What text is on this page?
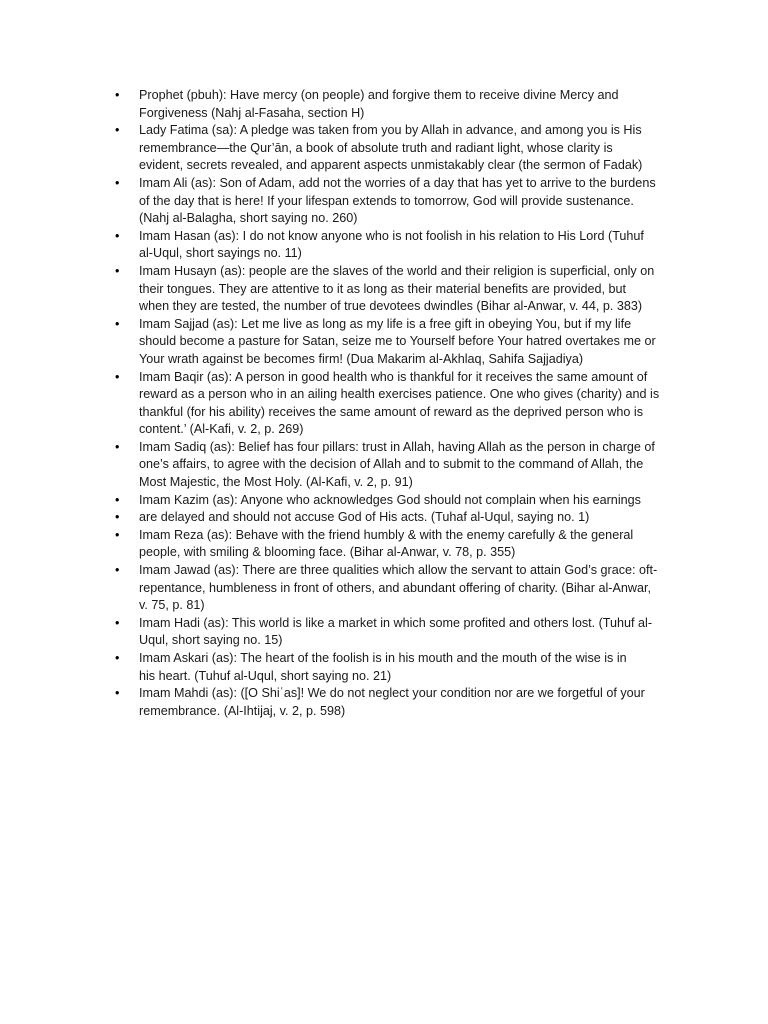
• Prophet (pbuh): Have mercy (on people) and forgive them to receive divine Mercy and
Forgiveness (Nahj al-Fasaha, section H)
• Lady Fatima (sa): A pledge was taken from you by Allah in advance, and among you is His
remembrance—the Qur’ān, a book of absolute truth and radiant light, whose clarity is
evident, secrets revealed, and apparent aspects unmistakably clear (the sermon of Fadak)
• Imam Ali (as): Son of Adam, add not the worries of a day that has yet to arrive to the burdens
of the day that is here! If your lifespan extends to tomorrow, God will provide sustenance.
(Nahj al-Balagha, short saying no. 260)
• Imam Hasan (as): I do not know anyone who is not foolish in his relation to His Lord (Tuhuf
al-Uqul, short sayings no. 11)
• Imam Husayn (as): people are the slaves of the world and their religion is superficial, only on
their tongues. They are attentive to it as long as their material benefits are provided, but
when they are tested, the number of true devotees dwindles (Bihar al-Anwar, v. 44, p. 383)
• Imam Sajjad (as): Let me live as long as my life is a free gift in obeying You, but if my life
should become a pasture for Satan, seize me to Yourself before Your hatred overtakes me or
Your wrath against be becomes firm! (Dua Makarim al-Akhlaq, Sahifa Sajjadiya)
• Imam Baqir (as): A person in good health who is thankful for it receives the same amount of
reward as a person who in an ailing health exercises patience. One who gives (charity) and is
thankful (for his ability) receives the same amount of reward as the deprived person who is
content.’ (Al-Kafi, v. 2, p. 269)
• Imam Sadiq (as): Belief has four pillars: trust in Allah, having Allah as the person in charge of
one’s affairs, to agree with the decision of Allah and to submit to the command of Allah, the
Most Majestic, the Most Holy. (Al-Kafi, v. 2, p. 91)
• Imam Kazim (as): Anyone who acknowledges God should not complain when his earnings
• are delayed and should not accuse God of His acts. (Tuhaf al-Uqul, saying no. 1)
• Imam Reza (as): Behave with the friend humbly & with the enemy carefully & the general
people, with smiling & blooming face. (Bihar al-Anwar, v. 78, p. 355)
• Imam Jawad (as): There are three qualities which allow the servant to attain God’s grace: oft-
repentance, humbleness in front of others, and abundant offering of charity. (Bihar al-Anwar,
v. 75, p. 81)
• Imam Hadi (as): This world is like a market in which some profited and others lost. (Tuhuf al-
Uqul, short saying no. 15)
• Imam Askari (as): The heart of the foolish is in his mouth and the mouth of the wise is in
his heart. (Tuhuf al-Uqul, short saying no. 21)
• Imam Mahdi (as): ([O Shiʿas]! We do not neglect your condition nor are we forgetful of your
remembrance. (Al-Ihtijaj, v. 2, p. 598)
